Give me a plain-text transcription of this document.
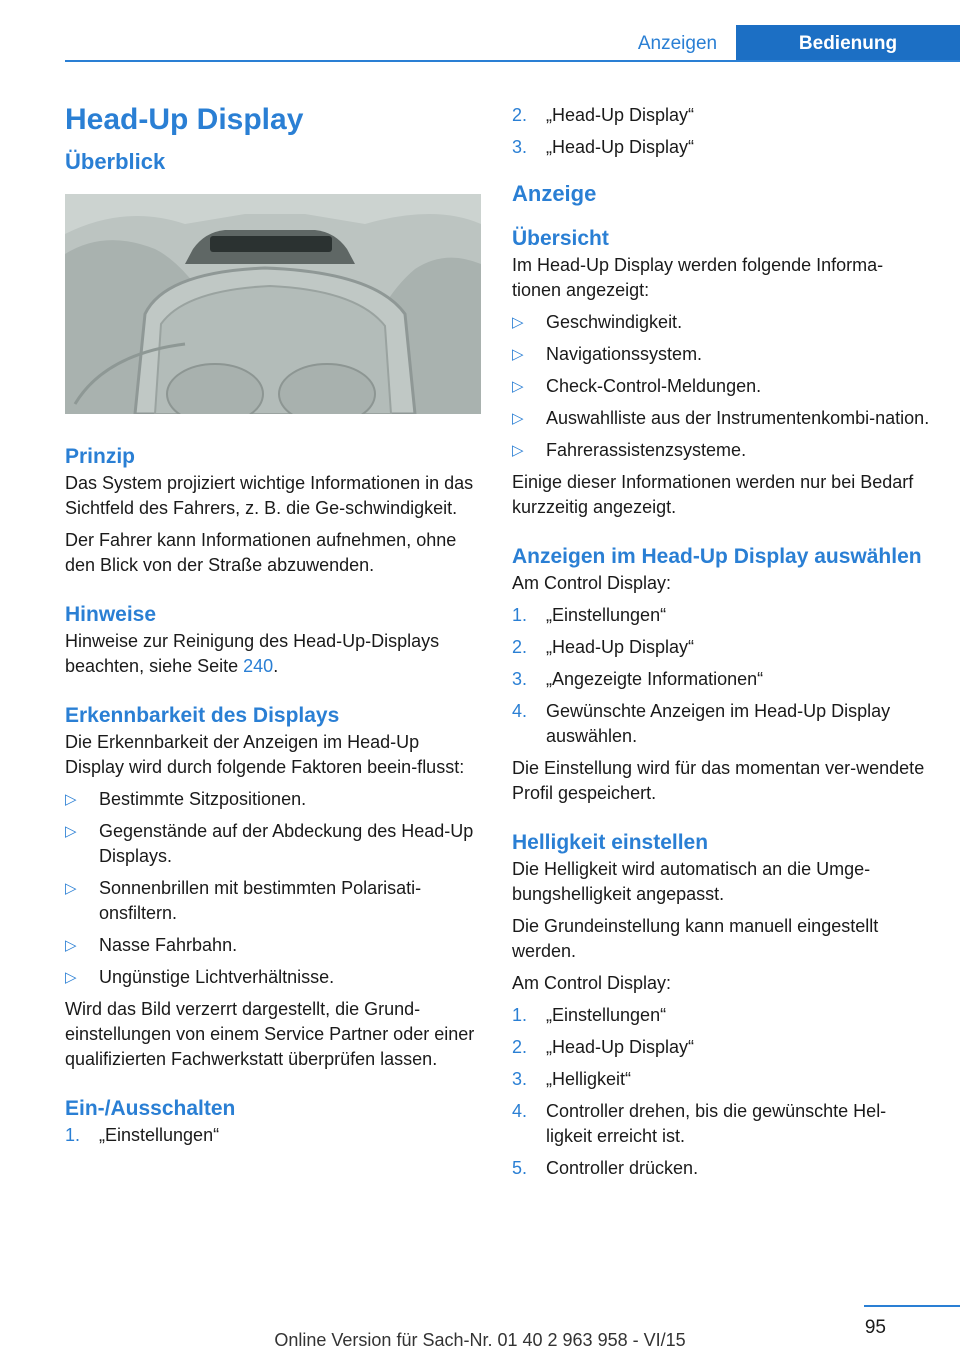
Anzeigen	Bedienung
Head-Up Display
Überblick
Prinzip

Das System projiziert wichtige Informationen in das Sichtfeld des Fahrers, z. B. die Ge‐schwindigkeit.

Der Fahrer kann Informationen aufnehmen, ohne den Blick von der Straße abzuwenden.

Hinweise

Hinweise zur Reinigung des Head-Up-Displays beachten, siehe Seite 240.

Erkennbarkeit des Displays

Die Erkennbarkeit der Anzeigen im Head-Up Display wird durch folgende Faktoren beein‐flusst:

▷ Bestimmte Sitzpositionen.
▷ Gegenstände auf der Abdeckung des Head-Up Displays.
▷ Sonnenbrillen mit bestimmten Polarisati‐onsfiltern.
▷ Nasse Fahrbahn.
▷ Ungünstige Lichtverhältnisse.

Wird das Bild verzerrt dargestellt, die Grund‐einstellungen von einem Service Partner oder einer qualifizierten Fachwerkstatt überprüfen lassen.

Ein-/Ausschalten
1. „Einstellungen“
2. „Head-Up Display“
3. „Head-Up Display“
Anzeige
Übersicht

Im Head-Up Display werden folgende Informa‐tionen angezeigt:

▷ Geschwindigkeit.
▷ Navigationssystem.
▷ Check-Control-Meldungen.
▷ Auswahlliste aus der Instrumentenkombi‐nation.
▷ Fahrerassistenzsysteme.

Einige dieser Informationen werden nur bei Bedarf kurzzeitig angezeigt.

Anzeigen im Head-Up Display auswählen

Am Control Display:

1. „Einstellungen“
2. „Head-Up Display“
3. „Angezeigte Informationen“
4. Gewünschte Anzeigen im Head-Up Display auswählen.

Die Einstellung wird für das momentan ver‐wendete Profil gespeichert.

Helligkeit einstellen

Die Helligkeit wird automatisch an die Umge‐bungshelligkeit angepasst.

Die Grundeinstellung kann manuell eingestellt werden.

Am Control Display:

1. „Einstellungen“
2. „Head-Up Display“
3. „Helligkeit“
4. Controller drehen, bis die gewünschte Hel‐ligkeit erreicht ist.
5. Controller drücken.
95
Online Version für Sach-Nr. 01 40 2 963 958 - VI/15
